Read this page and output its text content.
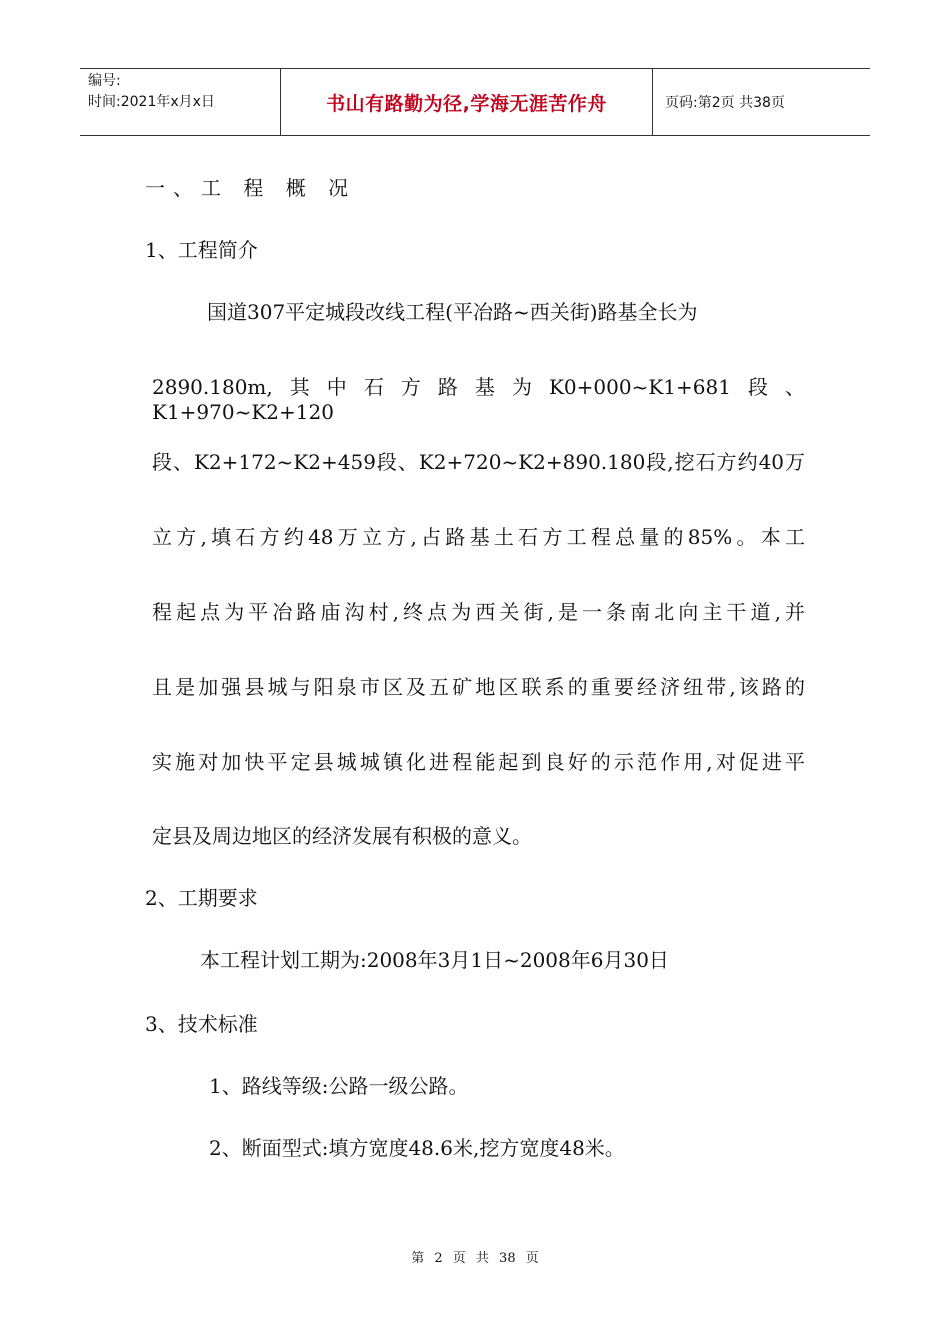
编号:
时间:2021年x月x日	书山有路勤为径,学海无涯苦作舟	页码:第2页 共38页
一、工 程 概 况
1、工程简介
国道307平定城段改线工程(平冶路~西关街)路基全长为
2890.180m,其中石方路基为K0+000~K1+681段、K1+970~K2+120
段、K2+172~K2+459段、K2+720~K2+890.180段,挖石方约40万
立方,填石方约48万立方,占路基土石方工程总量的85%。本工
程起点为平冶路庙沟村,终点为西关街,是一条南北向主干道,并
且是加强县城与阳泉市区及五矿地区联系的重要经济纽带,该路的
实施对加快平定县城城镇化进程能起到良好的示范作用,对促进平
定县及周边地区的经济发展有积极的意义。
2、工期要求
本工程计划工期为:2008年3月1日~2008年6月30日
3、技术标准
1、路线等级:公路一级公路。
2、断面型式:填方宽度48.6米,挖方宽度48米。
第 2 页 共 38 页
